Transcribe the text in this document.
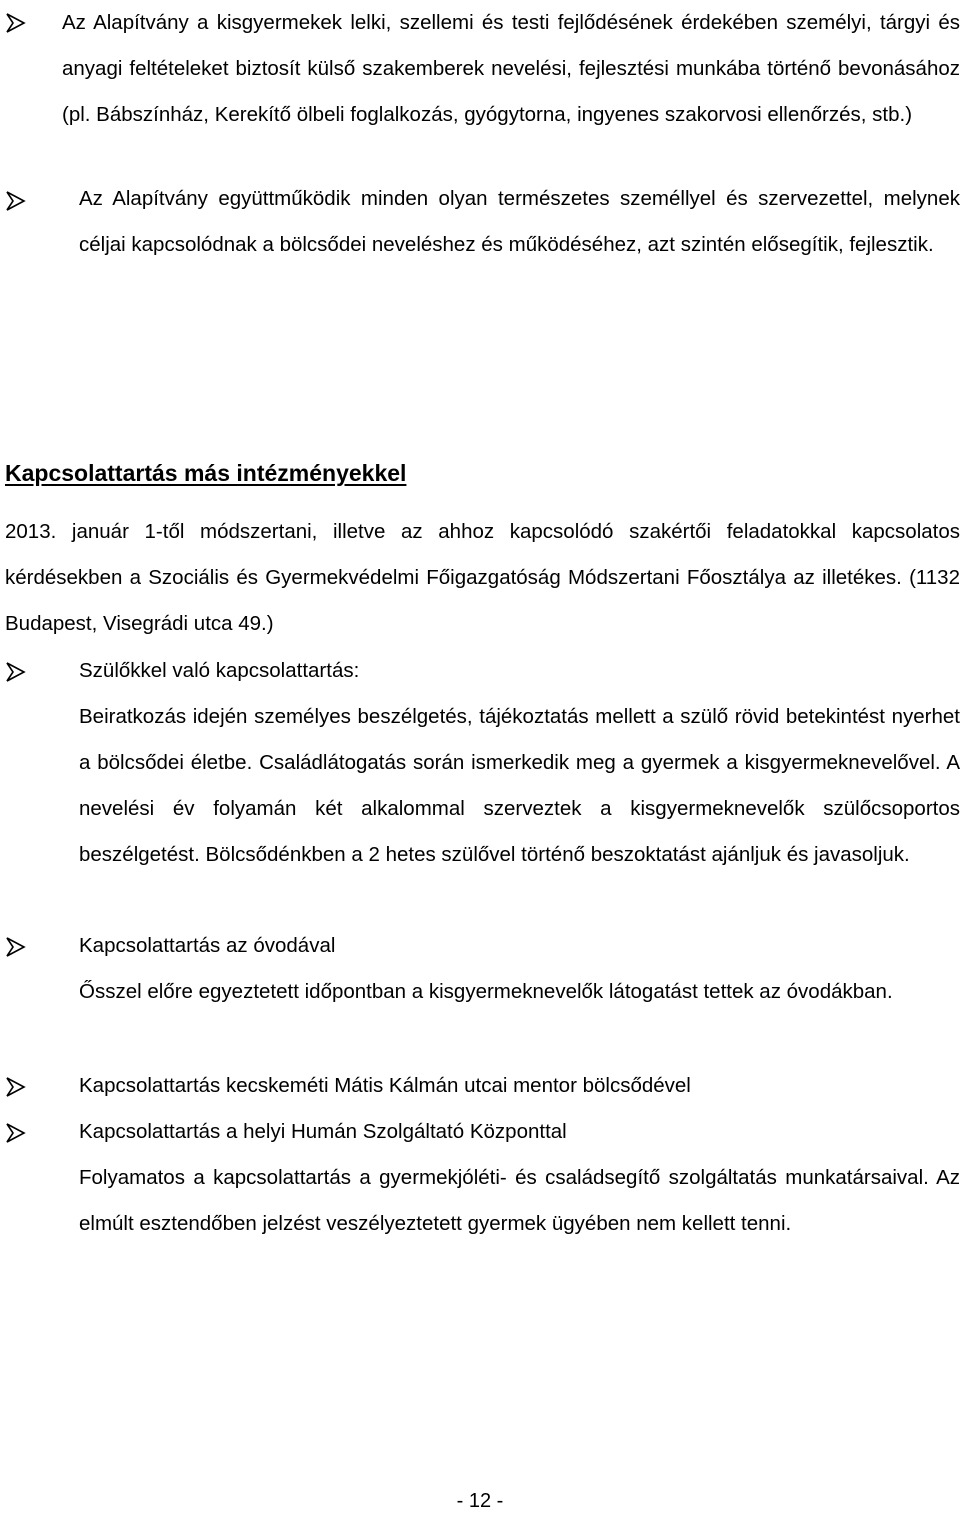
Az Alapítvány a kisgyermekek lelki, szellemi és testi fejlődésének érdekében személyi, tárgyi és anyagi feltételeket biztosít külső szakemberek nevelési, fejlesztési munkába történő bevonásához (pl. Bábszínház, Kerekítő ölbeli foglalkozás, gyógytorna, ingyenes szakorvosi ellenőrzés, stb.)

Az Alapítvány együttműködik minden olyan természetes személlyel és szervezettel, melynek céljai kapcsolódnak a bölcsődei neveléshez és működéséhez, azt szintén elősegítik, fejlesztik.

Kapcsolattartás más intézményekkel

2013. január 1-től módszertani, illetve az ahhoz kapcsolódó szakértői feladatokkal kapcsolatos kérdésekben a Szociális és Gyermekvédelmi Főigazgatóság Módszertani Főosztálya az illetékes. (1132 Budapest, Visegrádi utca 49.)

Szülőkkel való kapcsolattartás:

Beiratkozás idején személyes beszélgetés, tájékoztatás mellett a szülő rövid betekintést nyerhet a bölcsődei életbe. Családlátogatás során ismerkedik meg a gyermek a kisgyermeknevelővel. A nevelési év folyamán két alkalommal szerveztek a kisgyermeknevelők szülőcsoportos beszélgetést. Bölcsődénkben a 2 hetes szülővel történő beszoktatást ajánljuk és javasoljuk.

Kapcsolattartás az óvodával

Ősszel előre egyeztetett időpontban a kisgyermeknevelők látogatást tettek az óvodákban.

Kapcsolattartás kecskeméti Mátis Kálmán utcai mentor bölcsődével

Kapcsolattartás a helyi Humán Szolgáltató Központtal

Folyamatos a kapcsolattartás a gyermekjóléti- és családsegítő szolgáltatás munkatársaival. Az elmúlt esztendőben jelzést veszélyeztetett gyermek ügyében nem kellett tenni.

- 12 -
